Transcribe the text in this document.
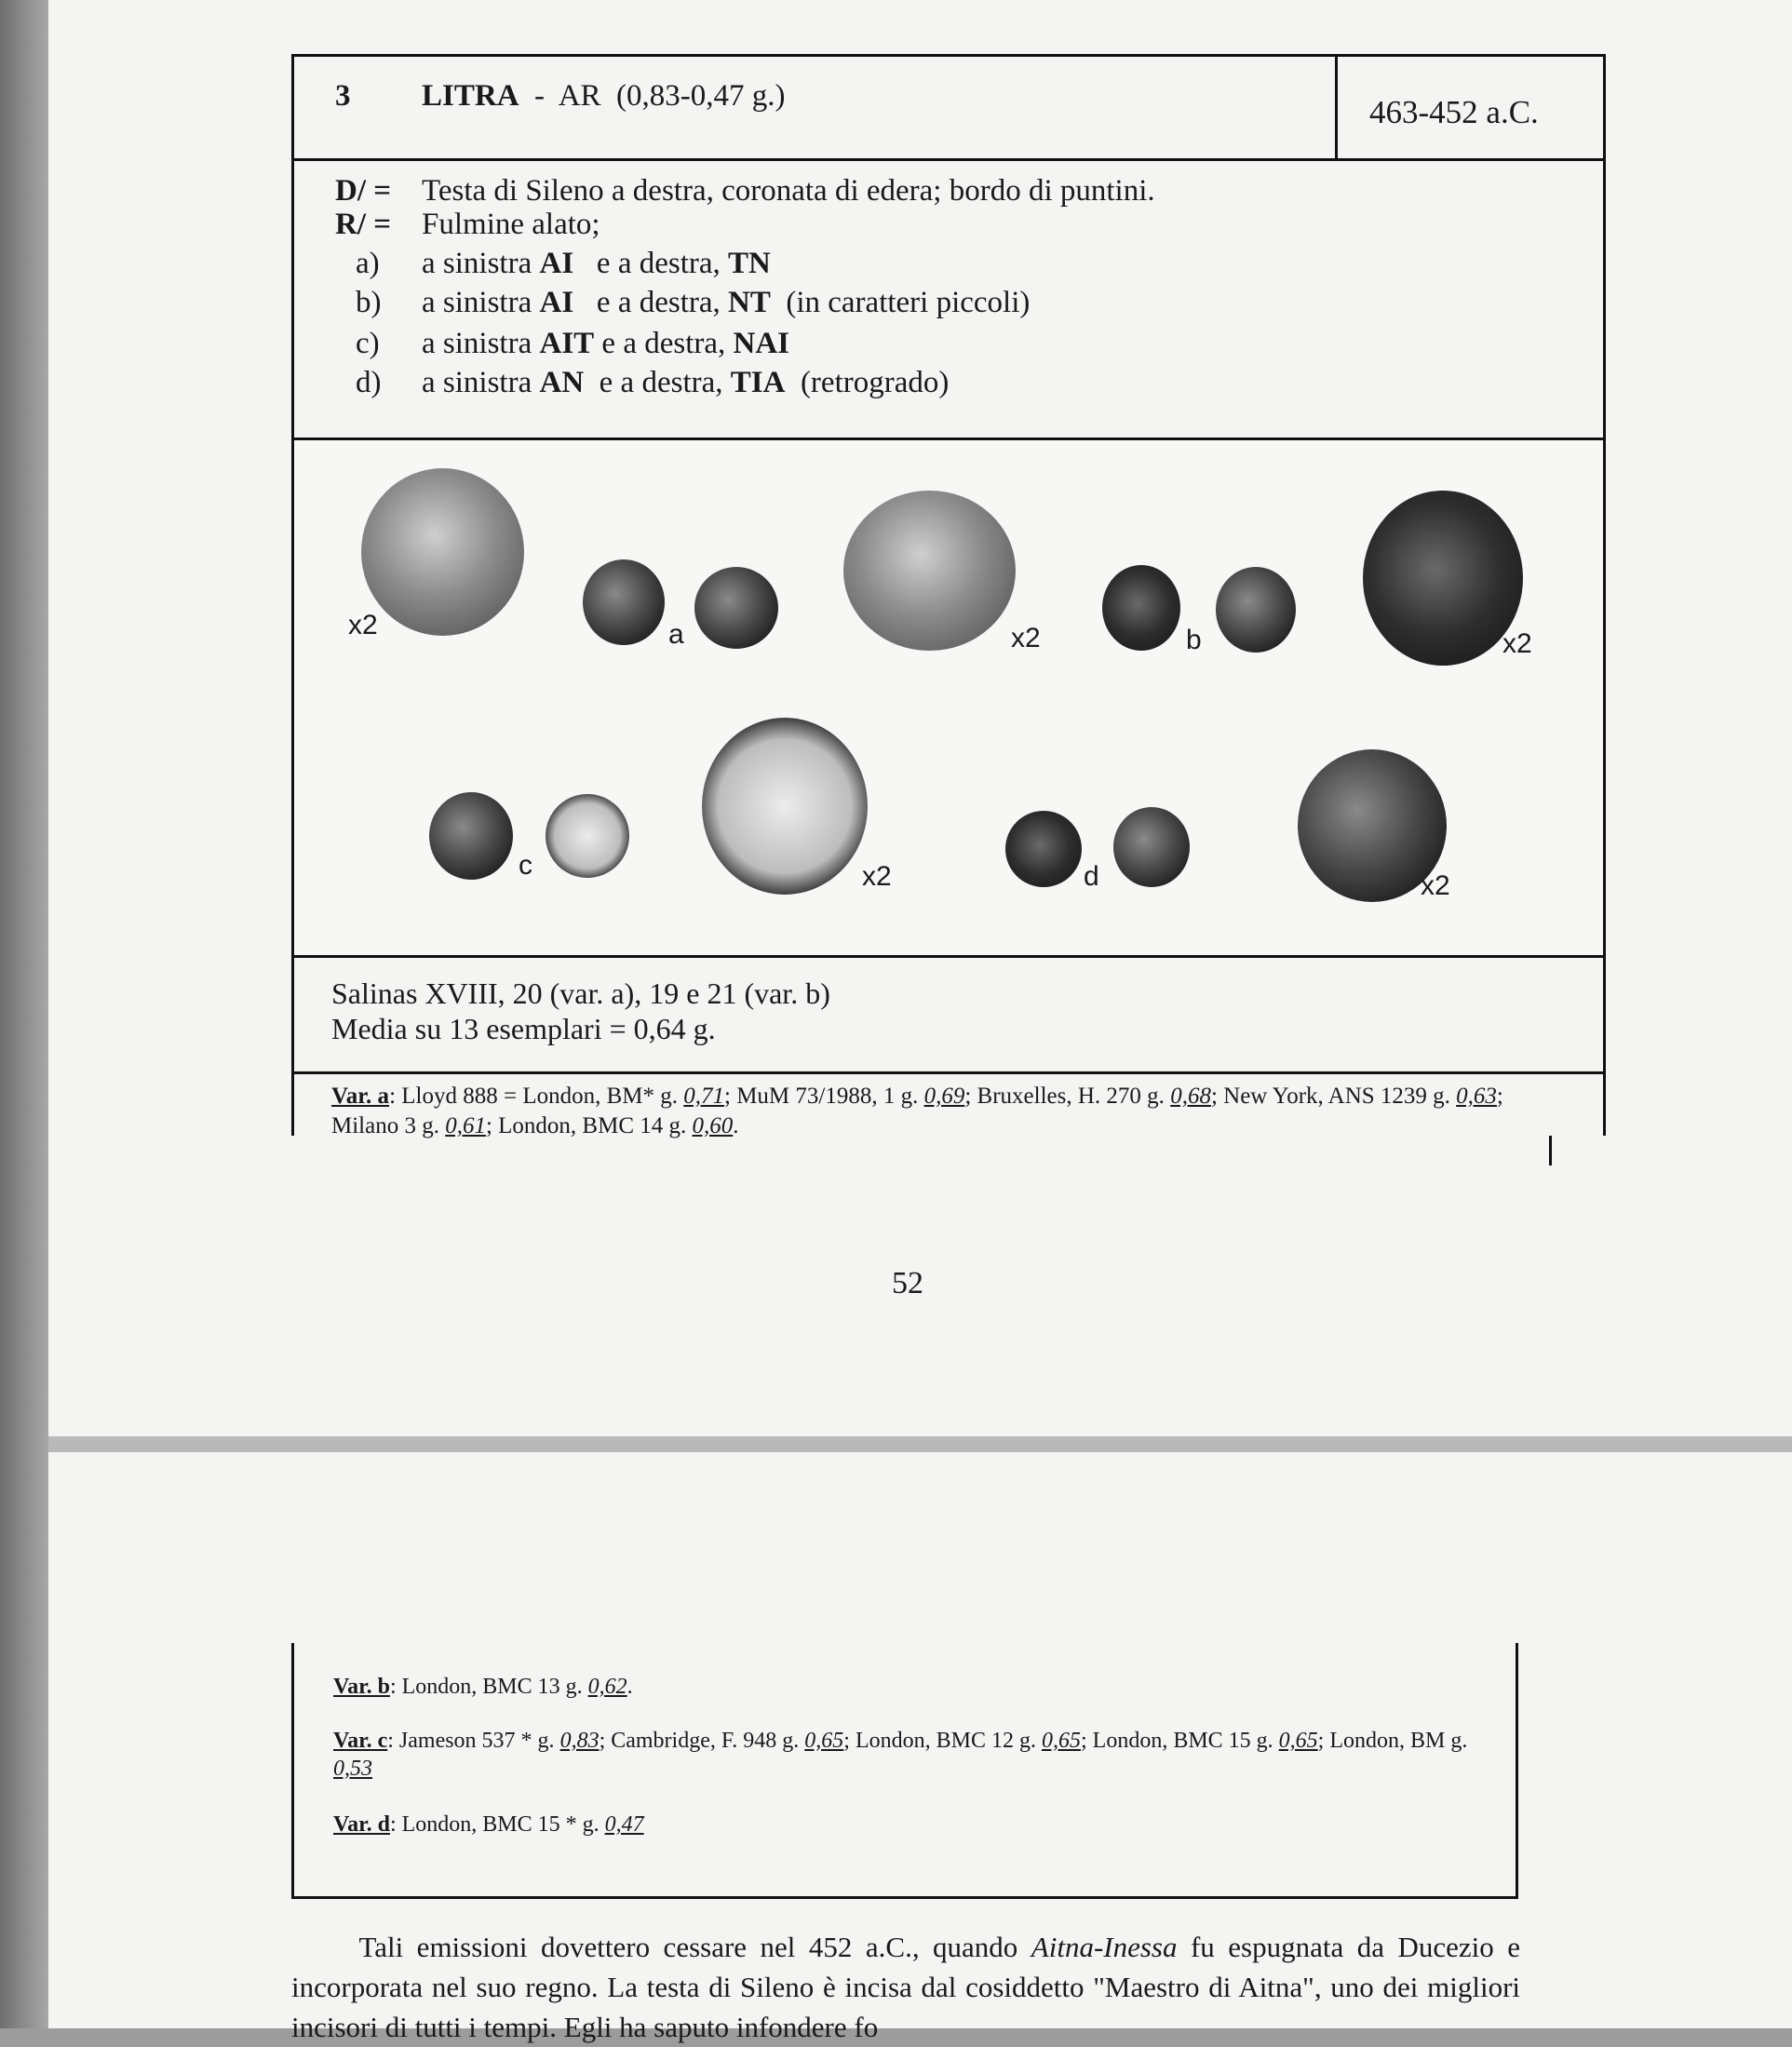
3 LITRA  -  AR  (0,83-0,47 g.)	463-452 a.C.
D/ = Testa di Sileno a destra, coronata di edera; bordo di puntini.
R/ = Fulmine alato;
a) a sinistra AI   e a destra, TN
b) a sinistra AI   e a destra, NT  (in caratteri piccoli)
c) a sinistra AIT e a destra, NAI
d) a sinistra AN  e a destra, TIA  (retrogrado)
x2	a	x2	b	x2
c	x2	d	x2
Salinas XVIII, 20 (var. a), 19 e 21 (var. b)
Media su 13 esemplari = 0,64 g.
Var. a: Lloyd 888 = London, BM* g. 0,71; MuM 73/1988, 1 g. 0,69; Bruxelles, H. 270 g. 0,68; New York, ANS 1239 g. 0,63; Milano 3 g. 0,61; London, BMC 14 g. 0,60.
52
Var. b: London, BMC 13 g. 0,62.
Var. c: Jameson 537 * g. 0,83; Cambridge, F. 948 g. 0,65; London, BMC 12 g. 0,65; London, BMC 15 g. 0,65; London, BM g. 0,53
Var. d: London, BMC 15 * g. 0,47
Tali emissioni dovettero cessare nel 452 a.C., quando Aitna-Inessa fu espugnata da Ducezio e incorporata nel suo regno. La testa di Sileno è incisa dal cosiddetto "Maestro di Aitna", uno dei migliori incisori di tutti i tempi. Egli ha saputo infondere fo
